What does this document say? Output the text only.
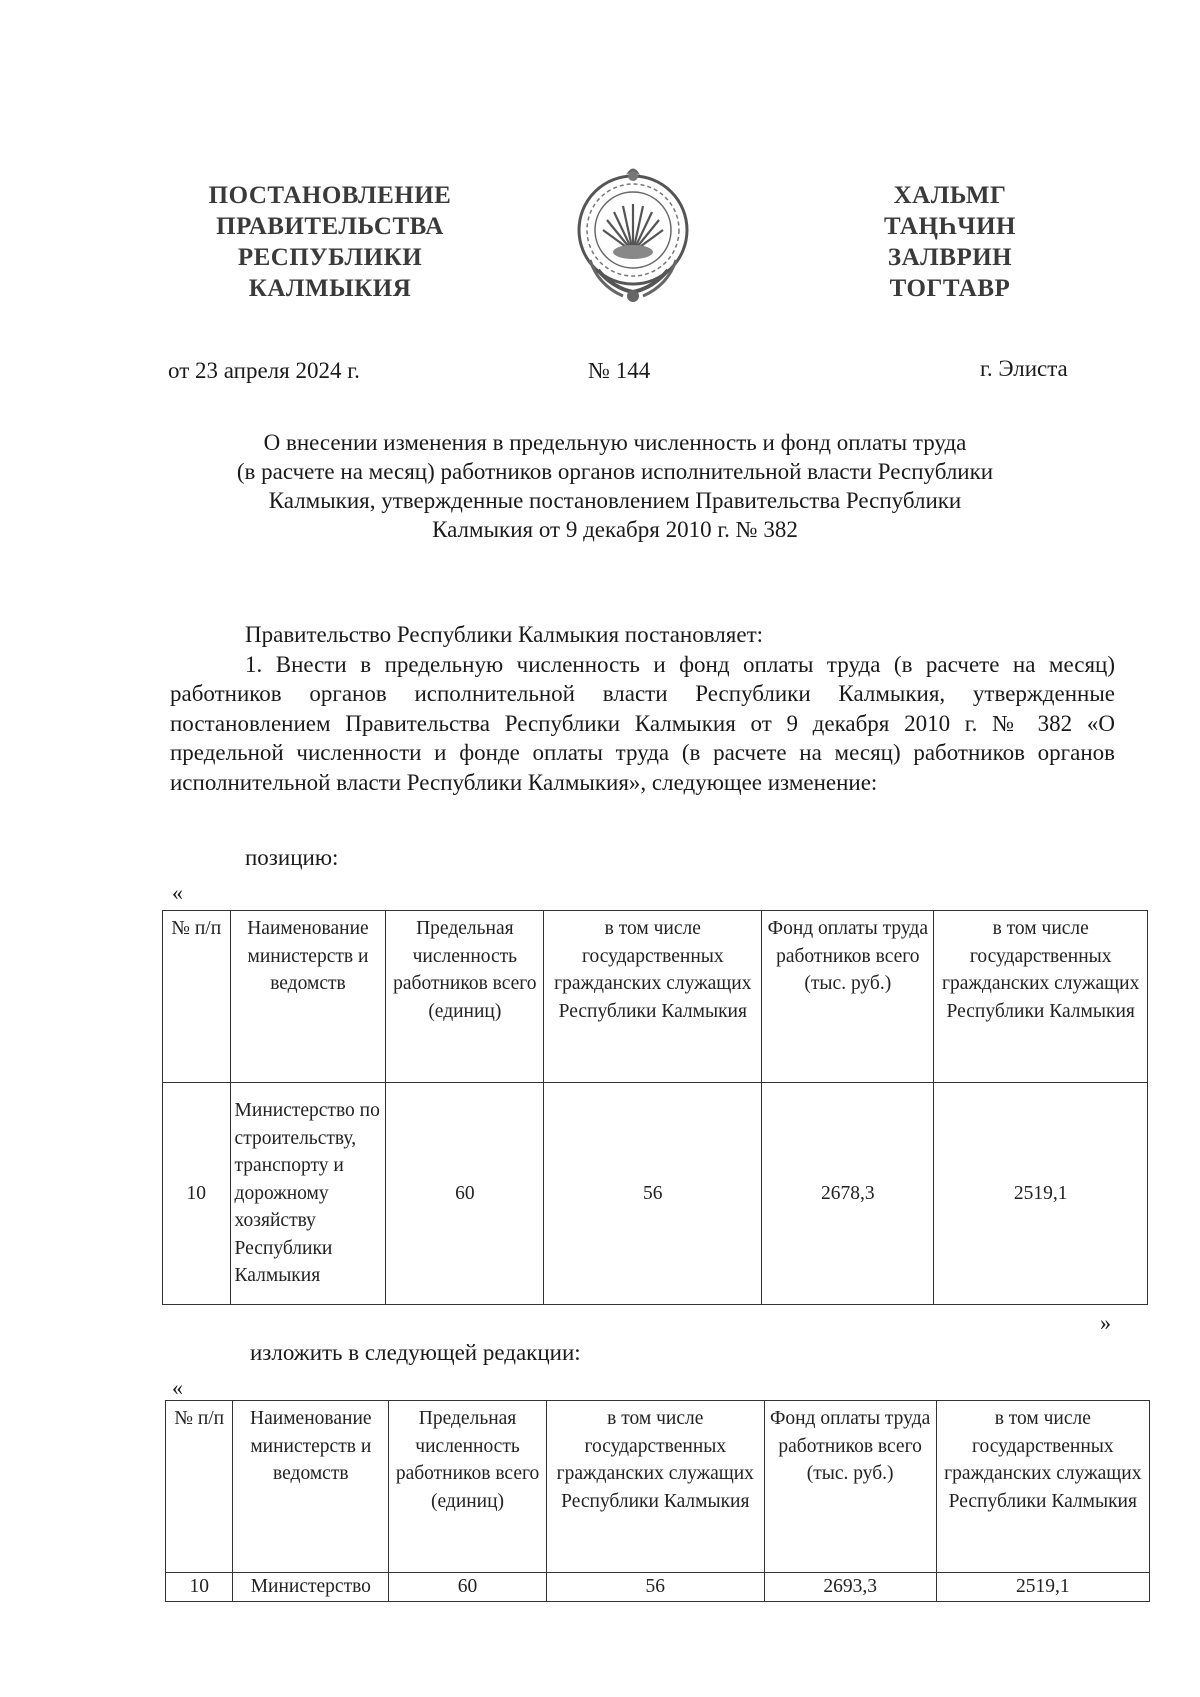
ПОСТАНОВЛЕНИЕ
ПРАВИТЕЛЬСТВА
РЕСПУБЛИКИ
КАЛМЫКИЯ
ХАЛЬМГ
ТАҢҺЧИН
ЗАЛВРИН
ТОГТАВР
от 23 апреля 2024 г.	№ 144	г. Элиста
О внесении изменения в предельную численность и фонд оплаты труда
(в расчете на месяц) работников органов исполнительной власти Республики
Калмыкия, утвержденные постановлением Правительства Республики
Калмыкия от 9 декабря 2010 г. № 382

Правительство Республики Калмыкия постановляет:

1. Внести в предельную численность и фонд оплаты труда (в расчете на месяц) работников органов исполнительной власти Республики Калмыкия, утвержденные постановлением Правительства Республики Калмыкия от 9 декабря 2010 г. № 382 «О предельной численности и фонде оплаты труда (в расчете на месяц) работников органов исполнительной власти Республики Калмыкия», следующее изменение:

позицию:
«
№ п/п	Наименование министерств и ведомств	Предельная численность работников всего (единиц)	в том числе государственных гражданских служащих Республики Калмыкия	Фонд оплаты труда работников всего (тыс. руб.)	в том числе государственных гражданских служащих Республики Калмыкия
10	Министерство по строительству, транспорту и дорожному хозяйству Республики Калмыкия	60	56	2678,3	2519,1
»
изложить в следующей редакции:
«
№ п/п	Наименование министерств и ведомств	Предельная численность работников всего (единиц)	в том числе государственных гражданских служащих Республики Калмыкия	Фонд оплаты труда работников всего (тыс. руб.)	в том числе государственных гражданских служащих Республики Калмыкия
10	Министерство	60	56	2693,3	2519,1
